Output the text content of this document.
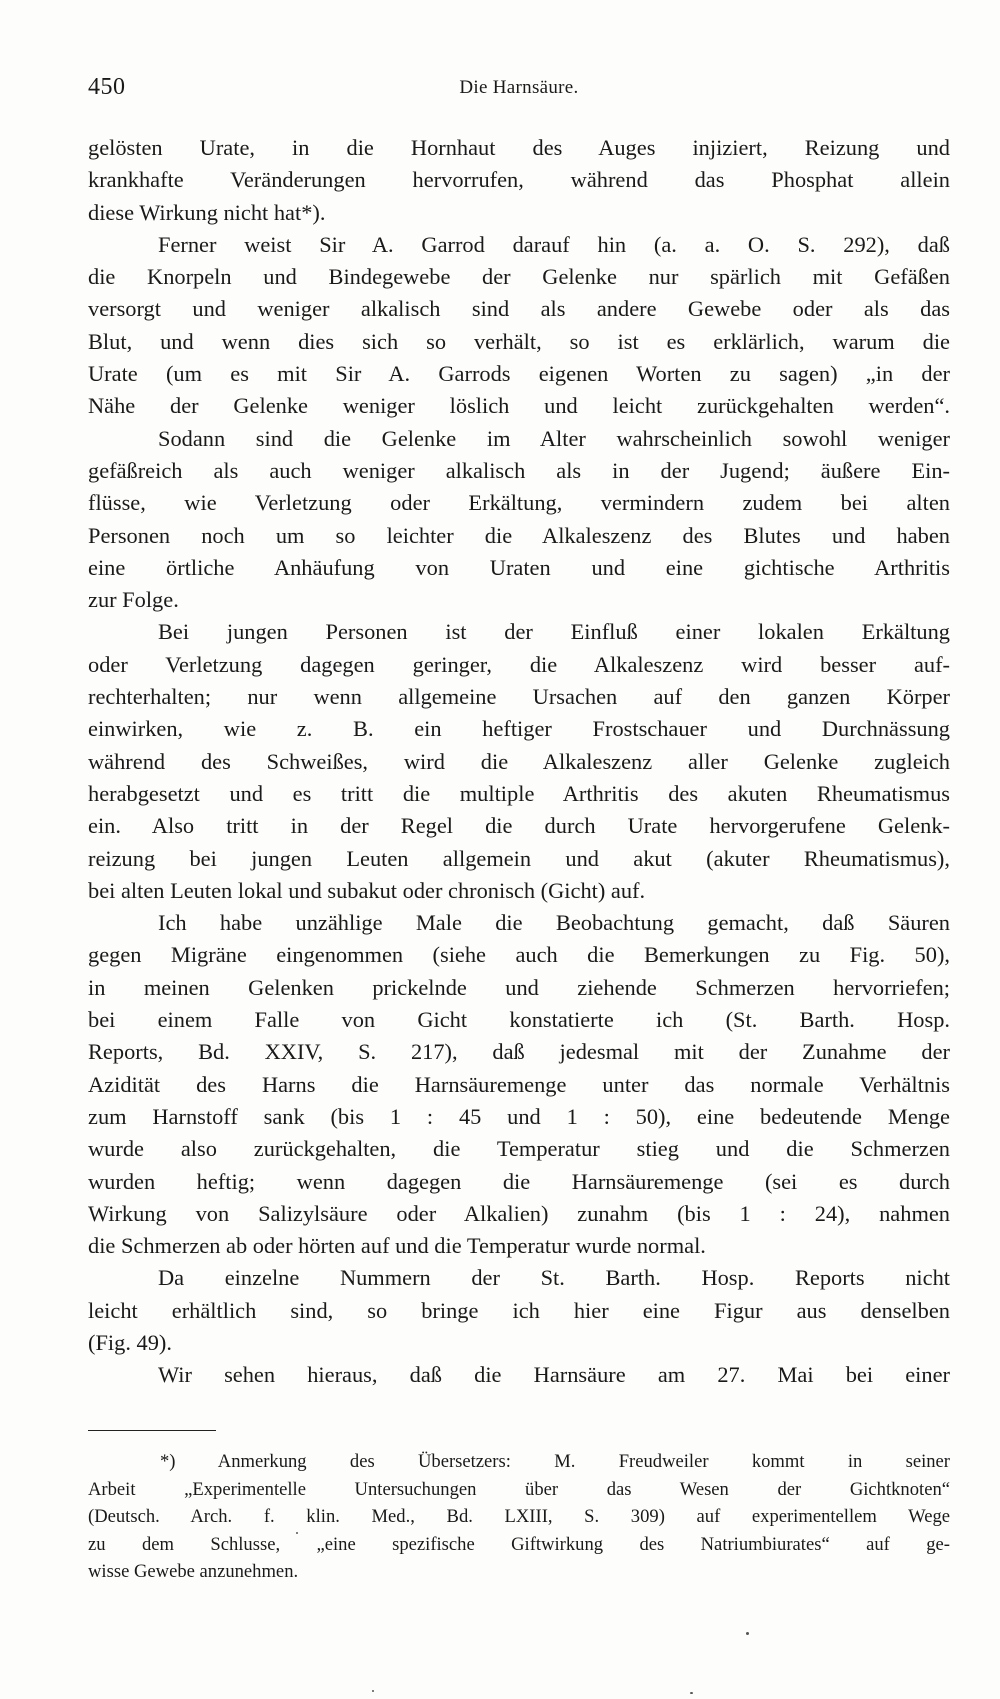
450	Die Harnsäure.
gelösten Urate, in die Hornhaut des Auges injiziert, Reizung und
krankhafte Veränderungen hervorrufen, während das Phosphat allein
diese Wirkung nicht hat*).
Ferner weist Sir A. Garrod darauf hin (a. a. O. S. 292), daß
die Knorpeln und Bindegewebe der Gelenke nur spärlich mit Gefäßen
versorgt und weniger alkalisch sind als andere Gewebe oder als das
Blut, und wenn dies sich so verhält, so ist es erklärlich, warum die
Urate (um es mit Sir A. Garrods eigenen Worten zu sagen) „in der
Nähe der Gelenke weniger löslich und leicht zurückgehalten werden“.
Sodann sind die Gelenke im Alter wahrscheinlich sowohl weniger
gefäßreich als auch weniger alkalisch als in der Jugend; äußere Ein-
flüsse, wie Verletzung oder Erkältung, vermindern zudem bei alten
Personen noch um so leichter die Alkaleszenz des Blutes und haben
eine örtliche Anhäufung von Uraten und eine gichtische Arthritis
zur Folge.
Bei jungen Personen ist der Einfluß einer lokalen Erkältung
oder Verletzung dagegen geringer, die Alkaleszenz wird besser auf-
rechterhalten; nur wenn allgemeine Ursachen auf den ganzen Körper
einwirken, wie z. B. ein heftiger Frostschauer und Durchnässung
während des Schweißes, wird die Alkaleszenz aller Gelenke zugleich
herabgesetzt und es tritt die multiple Arthritis des akuten Rheumatismus
ein. Also tritt in der Regel die durch Urate hervorgerufene Gelenk-
reizung bei jungen Leuten allgemein und akut (akuter Rheumatismus),
bei alten Leuten lokal und subakut oder chronisch (Gicht) auf.
Ich habe unzählige Male die Beobachtung gemacht, daß Säuren
gegen Migräne eingenommen (siehe auch die Bemerkungen zu Fig. 50),
in meinen Gelenken prickelnde und ziehende Schmerzen hervorriefen;
bei einem Falle von Gicht konstatierte ich (St. Barth. Hosp.
Reports, Bd. XXIV, S. 217), daß jedesmal mit der Zunahme der
Azidität des Harns die Harnsäuremenge unter das normale Verhältnis
zum Harnstoff sank (bis 1 : 45 und 1 : 50), eine bedeutende Menge
wurde also zurückgehalten, die Temperatur stieg und die Schmerzen
wurden heftig; wenn dagegen die Harnsäuremenge (sei es durch
Wirkung von Salizylsäure oder Alkalien) zunahm (bis 1 : 24), nahmen
die Schmerzen ab oder hörten auf und die Temperatur wurde normal.
Da einzelne Nummern der St. Barth. Hosp. Reports nicht
leicht erhältlich sind, so bringe ich hier eine Figur aus denselben
(Fig. 49).
Wir sehen hieraus, daß die Harnsäure am 27. Mai bei einer
*) Anmerkung des Übersetzers: M. Freudweiler kommt in seiner
Arbeit „Experimentelle Untersuchungen über das Wesen der Gichtknoten“
(Deutsch. Arch. f. klin. Med., Bd. LXIII, S. 309) auf experimentellem Wege
zu dem Schlusse, „eine spezifische Giftwirkung des Natriumbiurates“ auf ge-
wisse Gewebe anzunehmen.
